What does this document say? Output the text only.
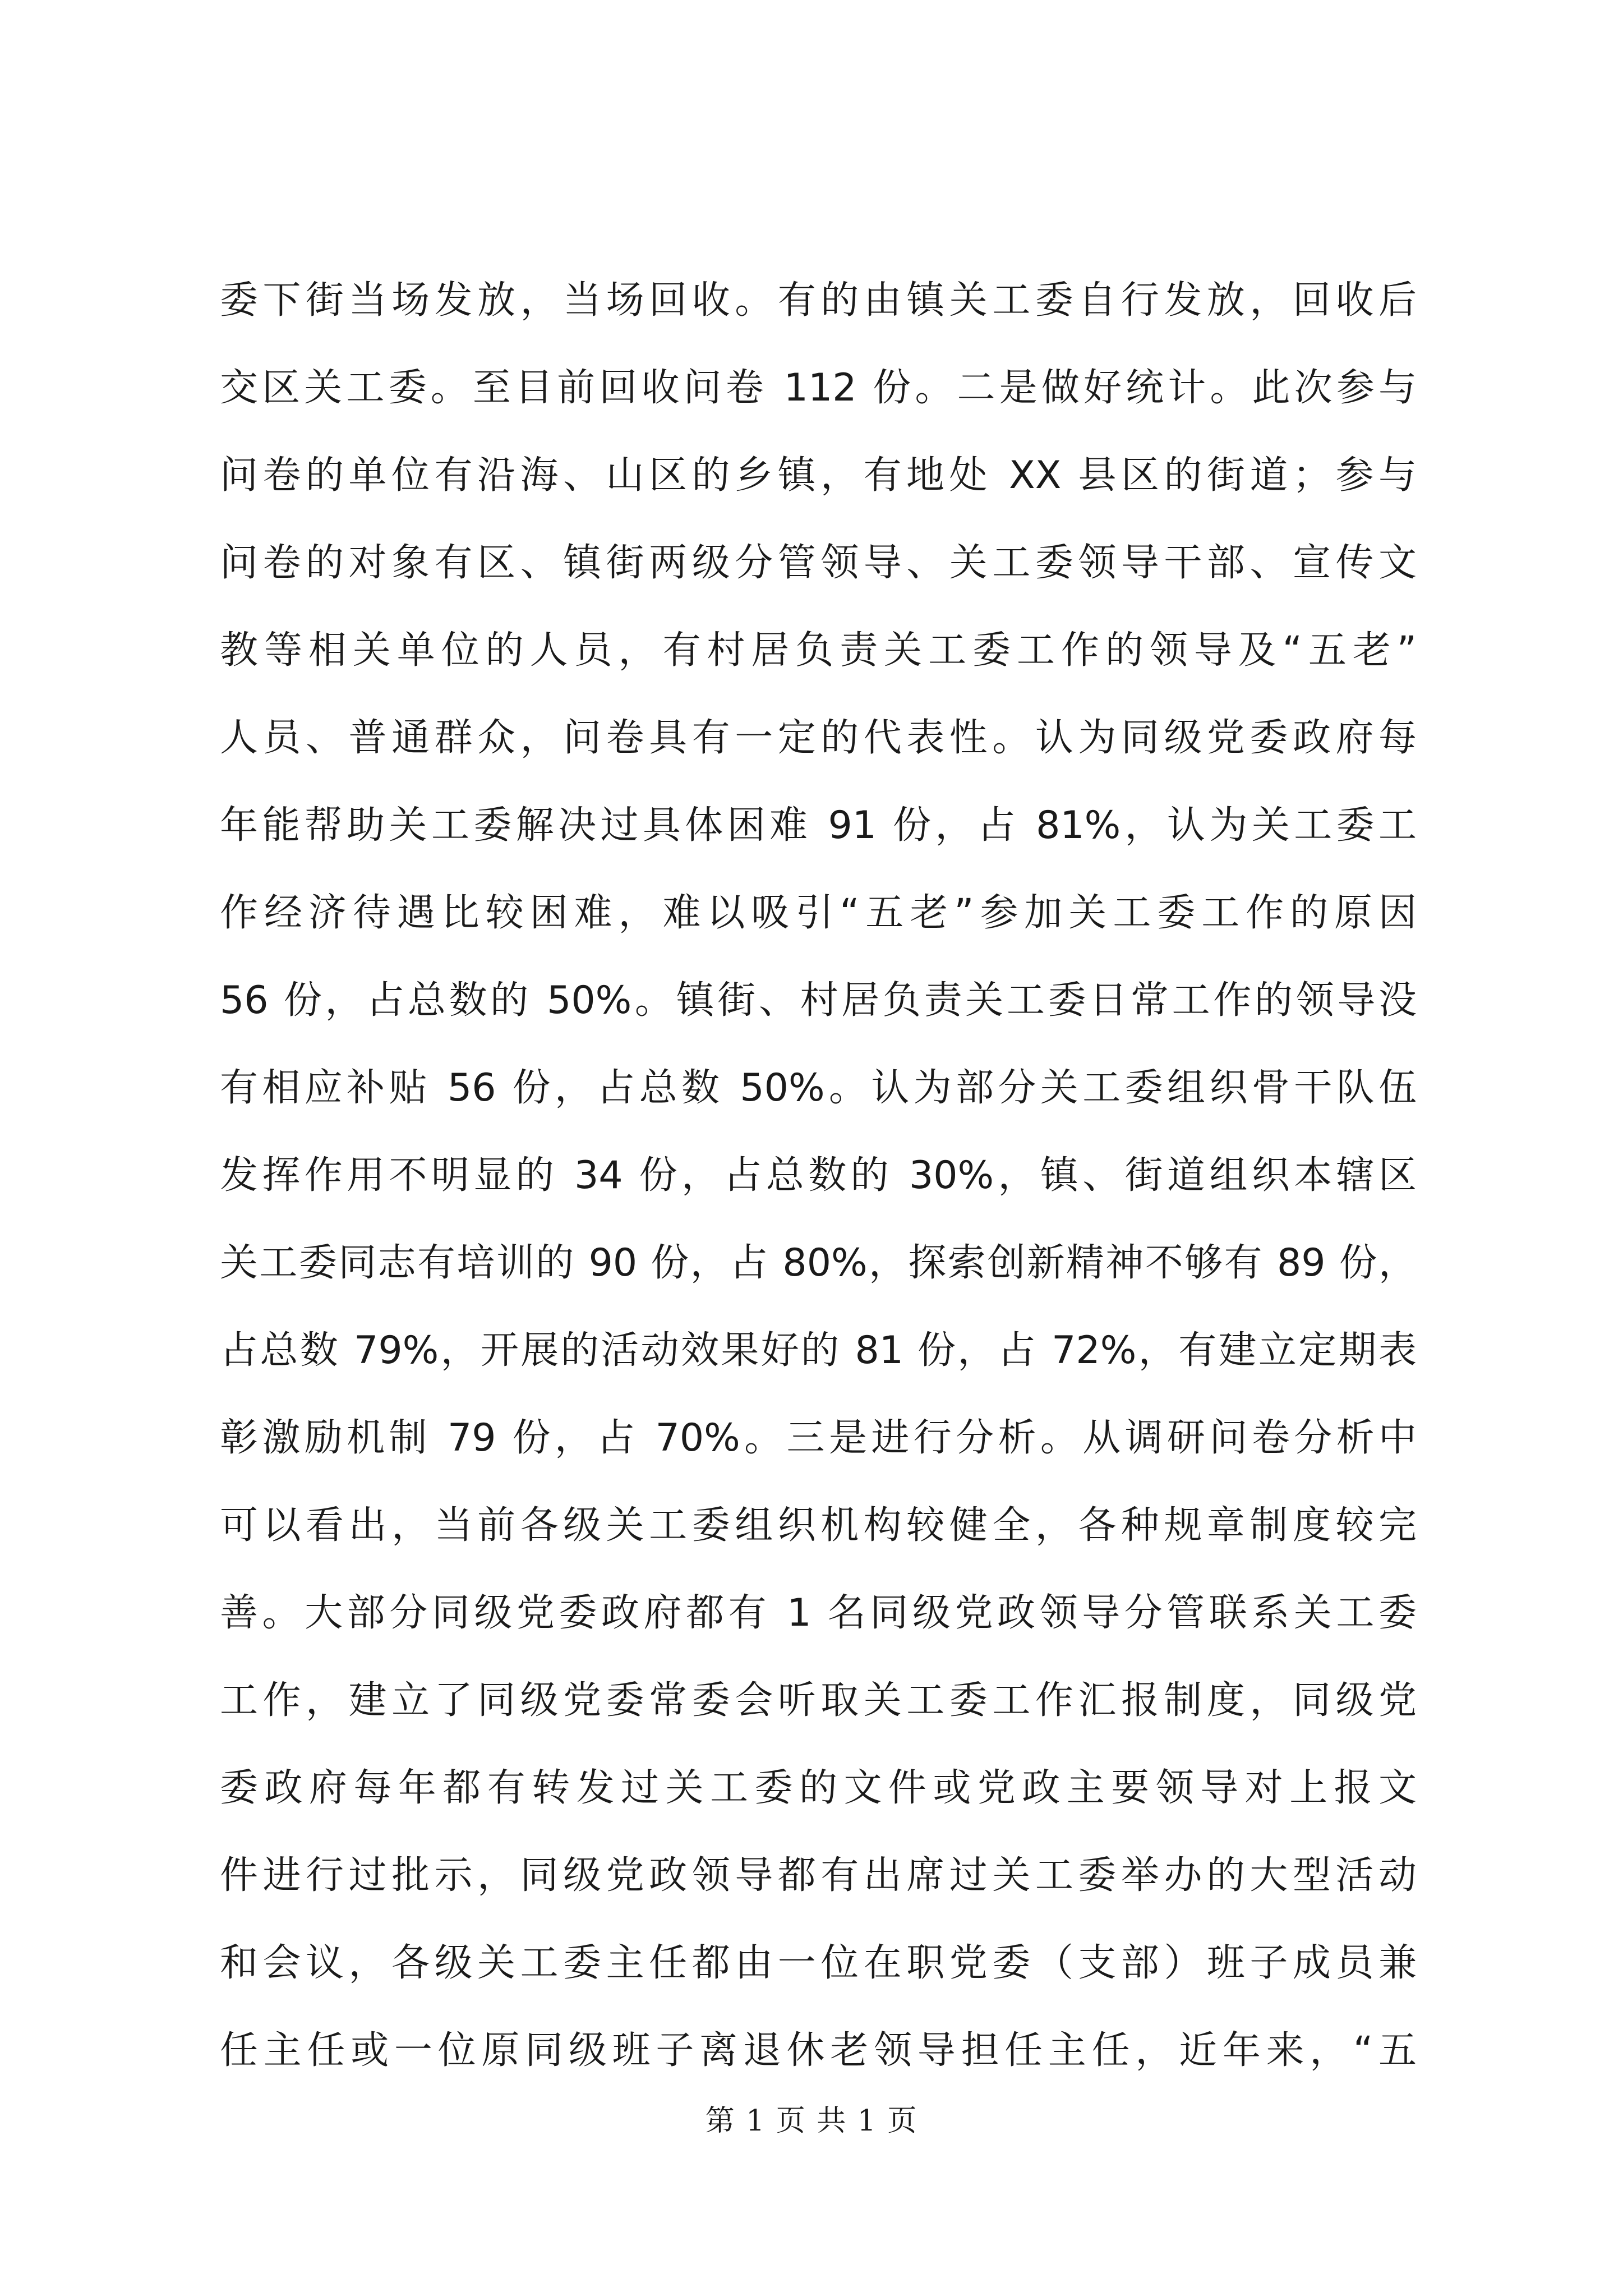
委下街当场发放，当场回收。有的由镇关工委自行发放，回收后
交区关工委。至目前回收问卷 112 份。二是做好统计。此次参与
问卷的单位有沿海、山区的乡镇，有地处 XX 县区的街道；参与
问卷的对象有区、镇街两级分管领导、关工委领导干部、宣传文
教等相关单位的人员，有村居负责关工委工作的领导及“五老”
人员、普通群众，问卷具有一定的代表性。认为同级党委政府每
年能帮助关工委解决过具体困难 91 份，占 81%，认为关工委工
作经济待遇比较困难，难以吸引“五老”参加关工委工作的原因
56 份，占总数的 50%。镇街、村居负责关工委日常工作的领导没
有相应补贴 56 份，占总数 50%。认为部分关工委组织骨干队伍
发挥作用不明显的 34 份，占总数的 30%，镇、街道组织本辖区
关工委同志有培训的 90 份，占 80%，探索创新精神不够有 89 份，
占总数 79%，开展的活动效果好的 81 份，占 72%，有建立定期表
彰激励机制 79 份，占 70%。三是进行分析。从调研问卷分析中
可以看出，当前各级关工委组织机构较健全，各种规章制度较完
善。大部分同级党委政府都有 1 名同级党政领导分管联系关工委
工作，建立了同级党委常委会听取关工委工作汇报制度，同级党
委政府每年都有转发过关工委的文件或党政主要领导对上报文
件进行过批示，同级党政领导都有出席过关工委举办的大型活动
和会议，各级关工委主任都由一位在职党委（支部）班子成员兼
任主任或一位原同级班子离退休老领导担任主任，近年来，“五
第 1 页 共 1 页
